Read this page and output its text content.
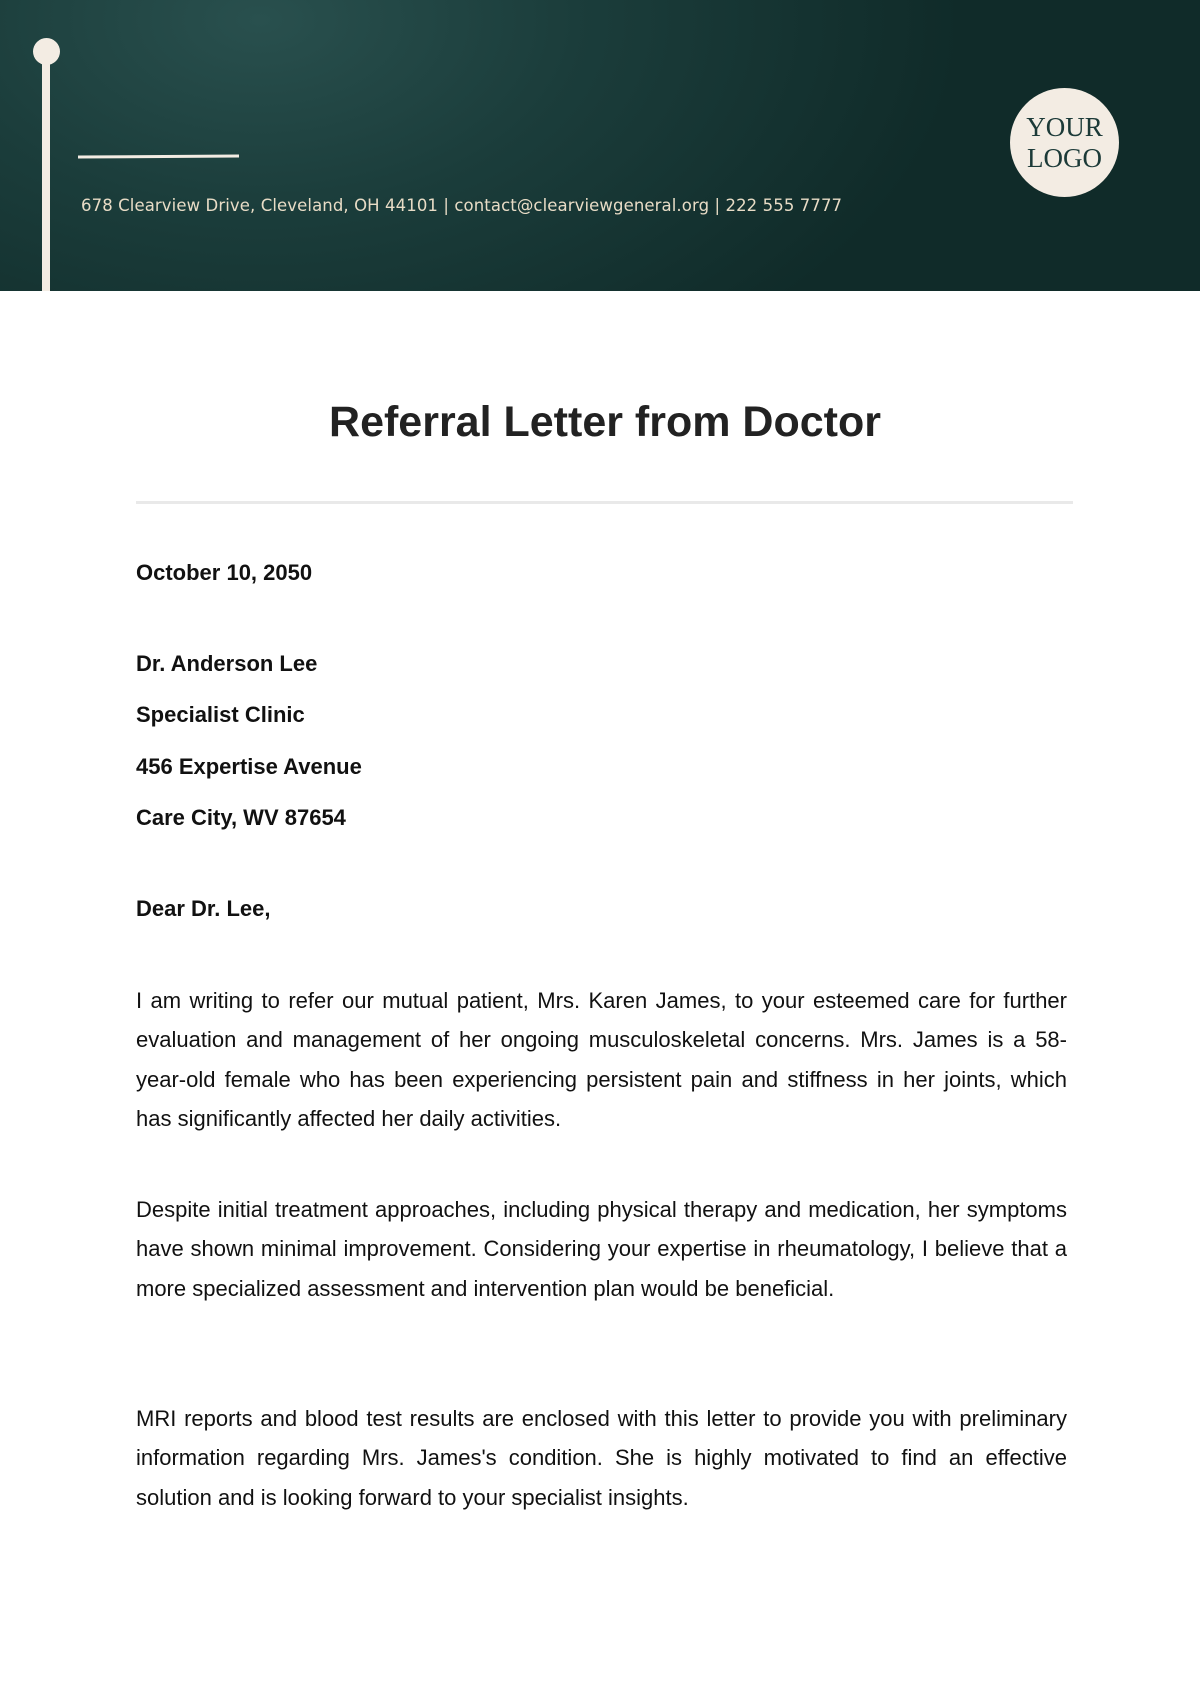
678 Clearview Drive, Cleveland, OH 44101 | contact@clearviewgeneral.org | 222 555 7777
YOUR
LOGO
Referral Letter from Doctor
October 10, 2050
Dr. Anderson Lee
Specialist Clinic
456 Expertise Avenue
Care City, WV 87654
Dear Dr. Lee,

I am writing to refer our mutual patient, Mrs. Karen James, to your esteemed care for further evaluation and management of her ongoing musculoskeletal concerns. Mrs. James is a 58-year-old female who has been experiencing persistent pain and stiffness in her joints, which has significantly affected her daily activities.

Despite initial treatment approaches, including physical therapy and medication, her symptoms have shown minimal improvement. Considering your expertise in rheumatology, I believe that a more specialized assessment and intervention plan would be beneficial.

MRI reports and blood test results are enclosed with this letter to provide you with preliminary information regarding Mrs. James's condition. She is highly motivated to find an effective solution and is looking forward to your specialist insights.
